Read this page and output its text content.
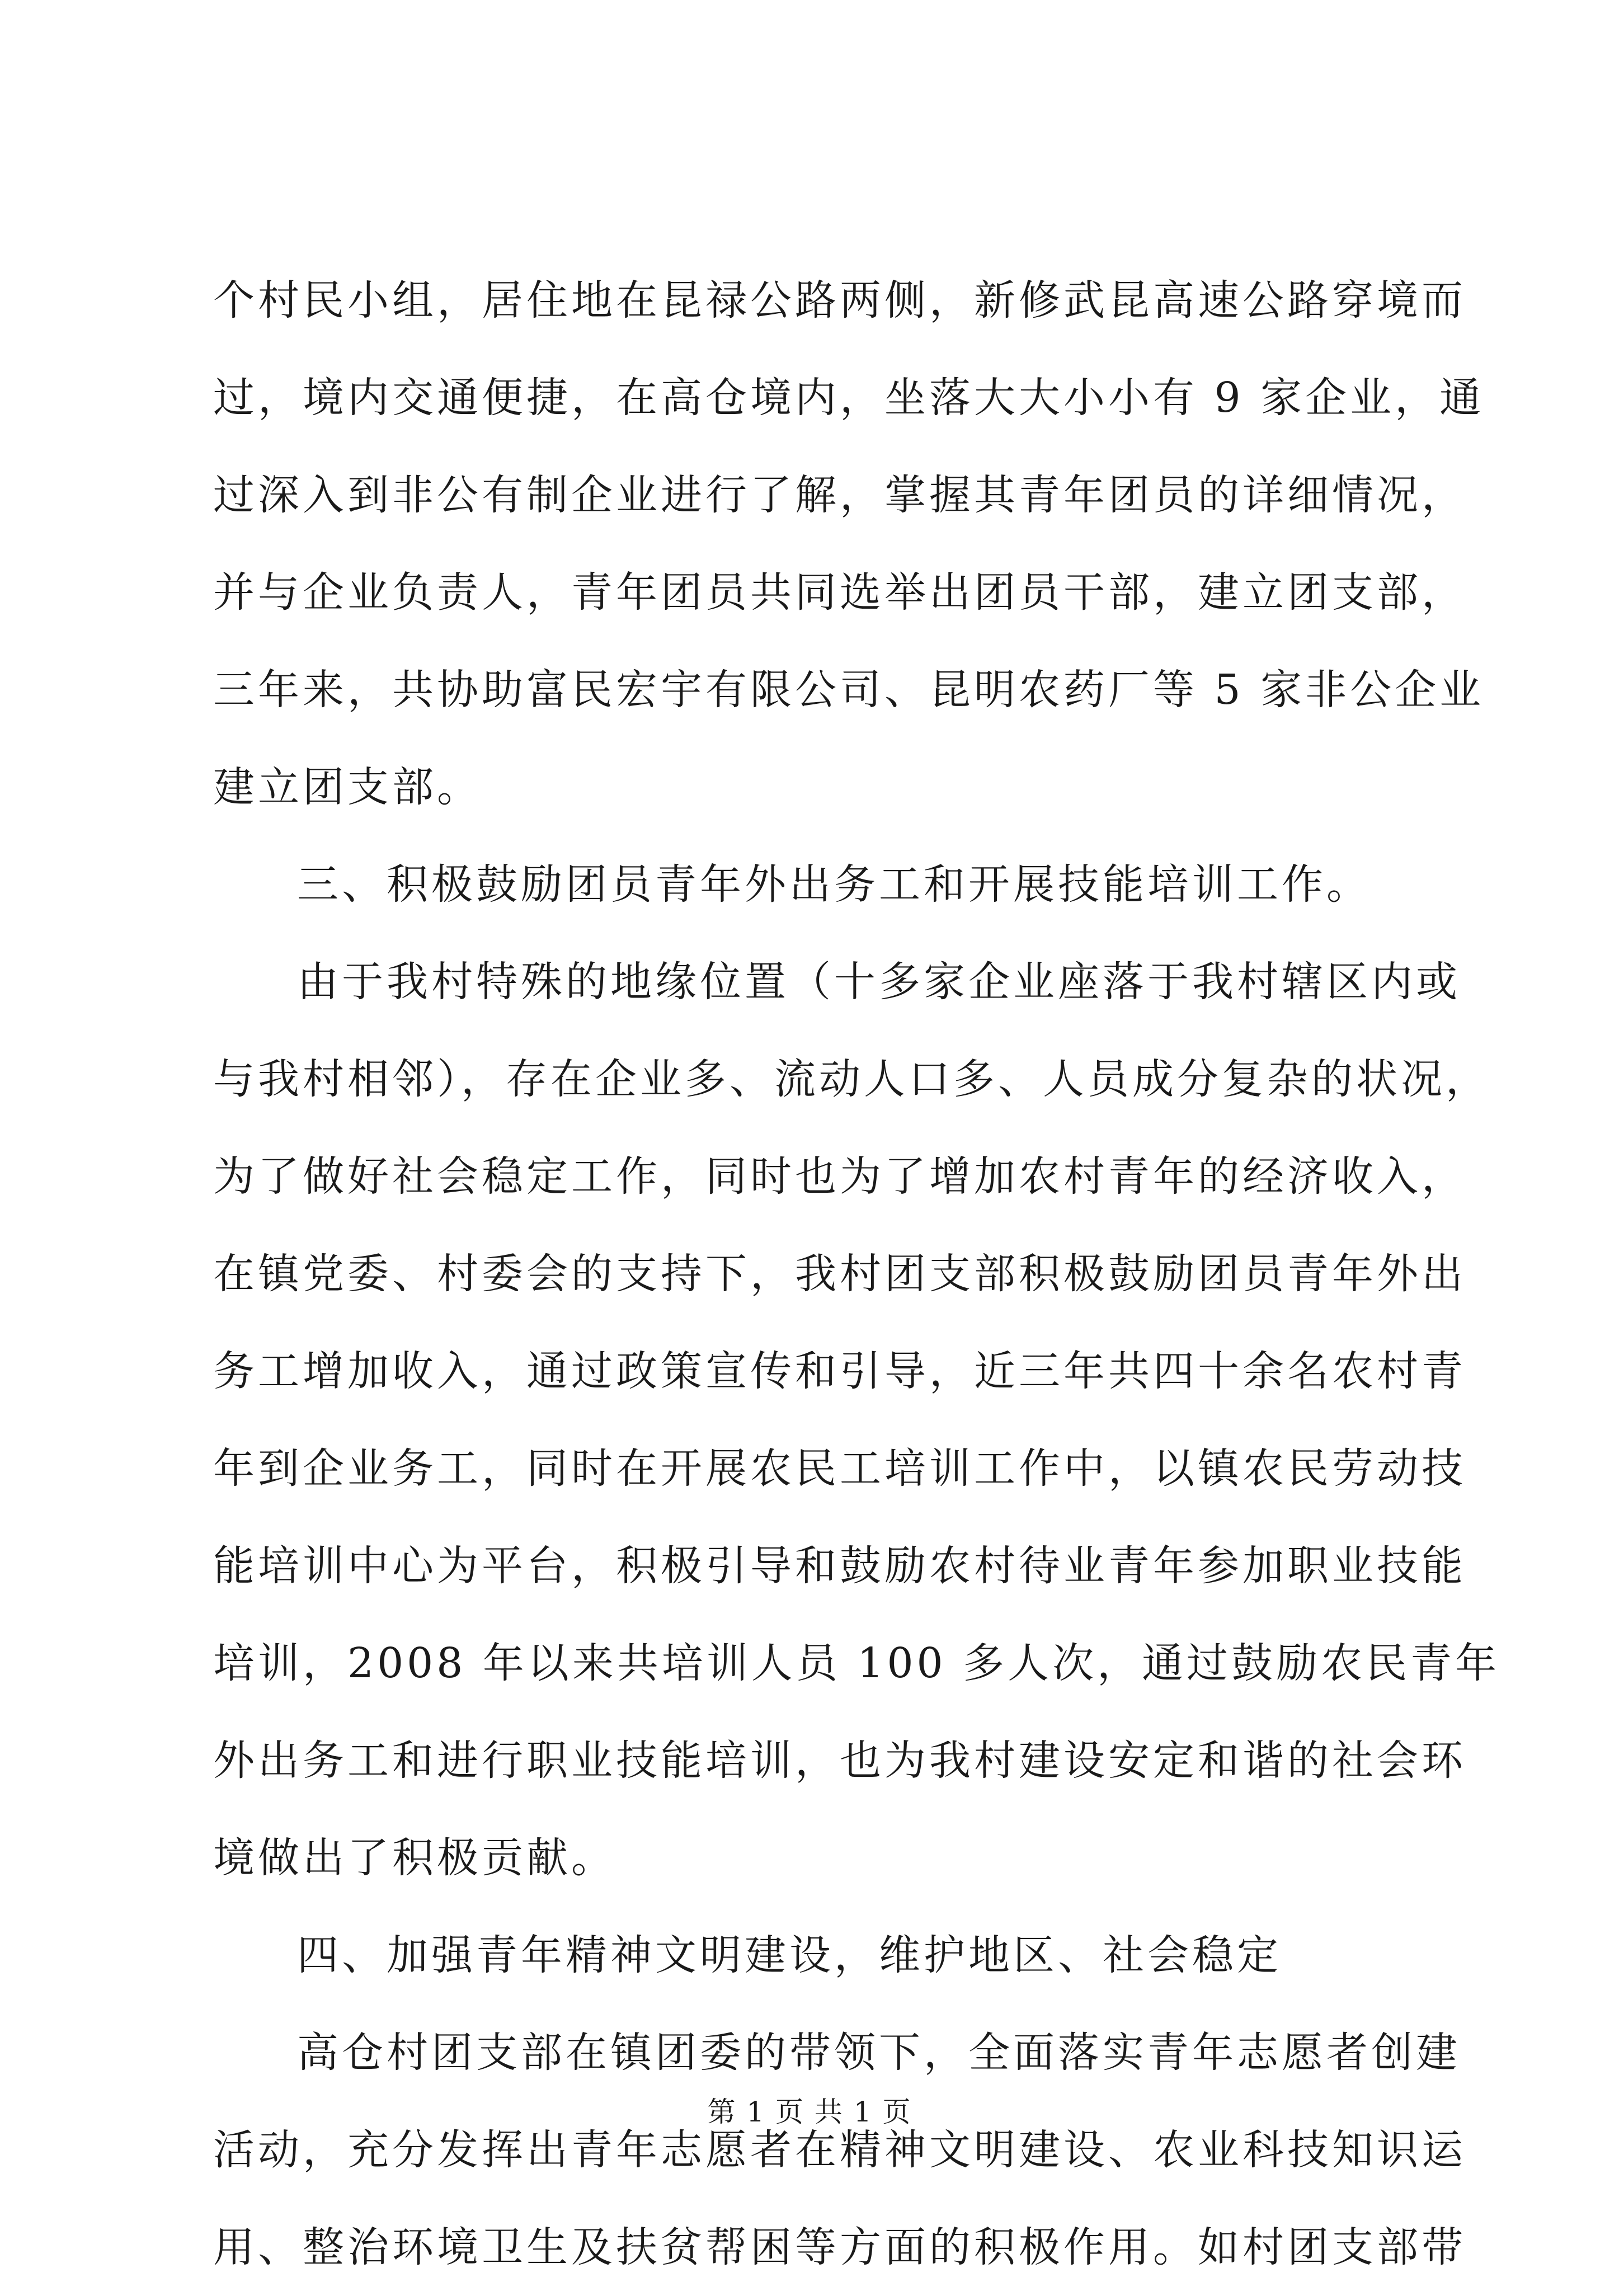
个村民小组，居住地在昆禄公路两侧，新修武昆高速公路穿境而
过，境内交通便捷，在高仓境内，坐落大大小小有 9 家企业，通
过深入到非公有制企业进行了解，掌握其青年团员的详细情况，
并与企业负责人，青年团员共同选举出团员干部，建立团支部，
三年来，共协助富民宏宇有限公司、昆明农药厂等 5 家非公企业
建立团支部。
三、积极鼓励团员青年外出务工和开展技能培训工作。
由于我村特殊的地缘位置（十多家企业座落于我村辖区内或
与我村相邻），存在企业多、流动人口多、人员成分复杂的状况，
为了做好社会稳定工作，同时也为了增加农村青年的经济收入，
在镇党委、村委会的支持下，我村团支部积极鼓励团员青年外出
务工增加收入，通过政策宣传和引导，近三年共四十余名农村青
年到企业务工，同时在开展农民工培训工作中，以镇农民劳动技
能培训中心为平台，积极引导和鼓励农村待业青年参加职业技能
培训，2008 年以来共培训人员 100 多人次，通过鼓励农民青年
外出务工和进行职业技能培训，也为我村建设安定和谐的社会环
境做出了积极贡献。
四、加强青年精神文明建设，维护地区、社会稳定
高仓村团支部在镇团委的带领下，全面落实青年志愿者创建
活动，充分发挥出青年志愿者在精神文明建设、农业科技知识运
用、整治环境卫生及扶贫帮困等方面的积极作用。如村团支部带
第 1 页 共 1 页
